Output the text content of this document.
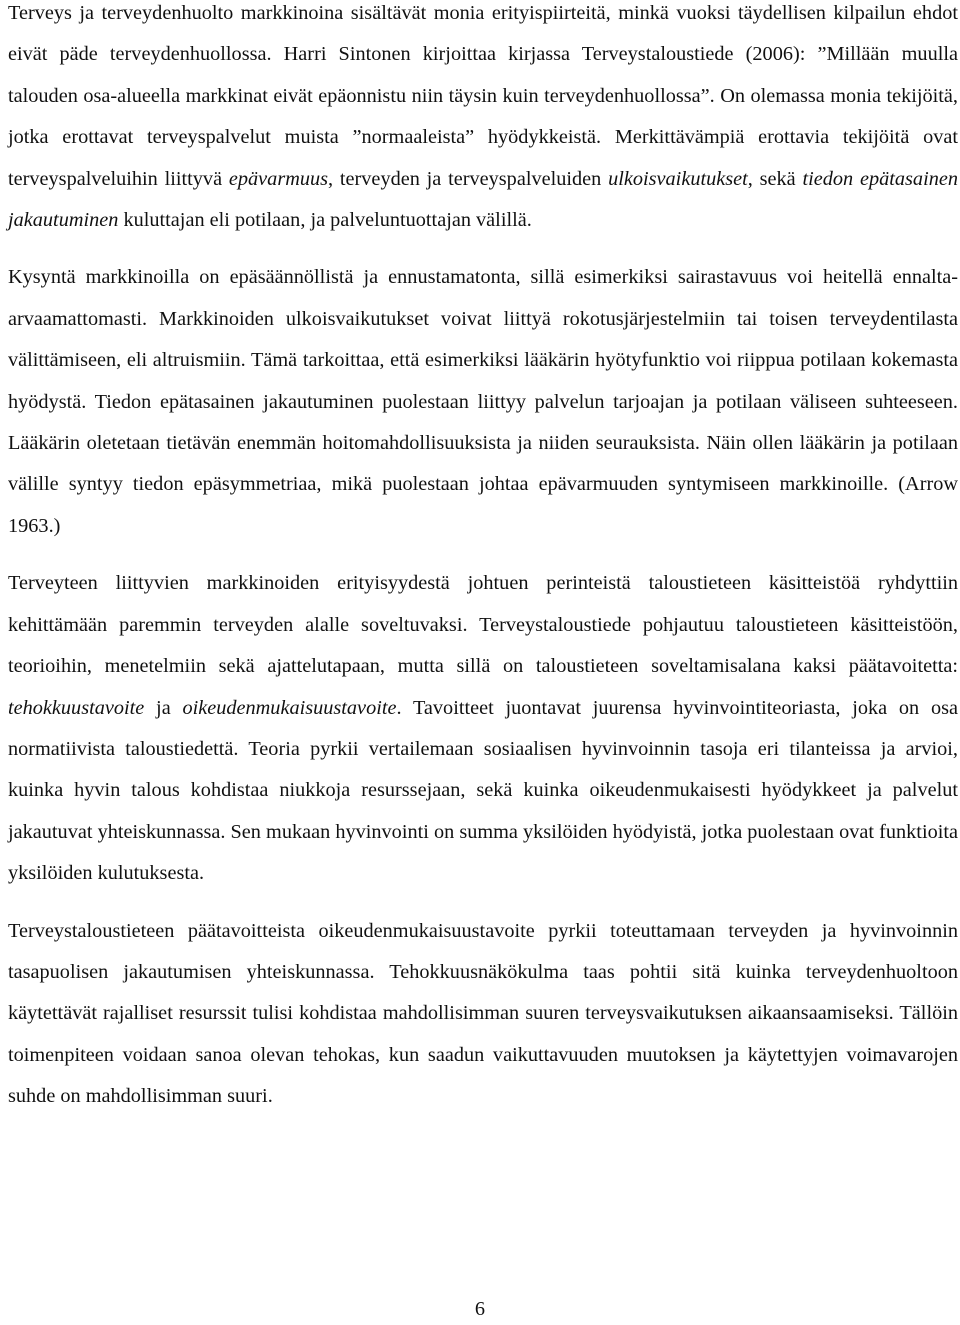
Terveys ja terveydenhuolto markkinoina sisältävät monia erityispiirteitä, minkä vuoksi täydellisen kilpailun ehdot eivät päde terveydenhuollossa. Harri Sintonen kirjoittaa kirjassa Terveystaloustiede (2006): ”Millään muulla talouden osa-alueella markkinat eivät epäonnistu niin täysin kuin terveydenhuollossa”. On olemassa monia tekijöitä, jotka erottavat terveyspalvelut muista ”normaaleista” hyödykkeistä. Merkittävämpiä erottavia tekijöitä ovat terveyspalveluihin liittyvä epävarmuus, terveyden ja terveyspalveluiden ulkoisvaikutukset, sekä tiedon epätasainen jakautuminen kuluttajan eli potilaan, ja palveluntuottajan välillä.

Kysyntä markkinoilla on epäsäännöllistä ja ennustamatonta, sillä esimerkiksi sairastavuus voi heitellä ennalta-arvaamattomasti. Markkinoiden ulkoisvaikutukset voivat liittyä rokotusjärjestelmiin tai toisen terveydentilasta välittämiseen, eli altruismiin. Tämä tarkoittaa, että esimerkiksi lääkärin hyötyfunktio voi riippua potilaan kokemasta hyödystä. Tiedon epätasainen jakautuminen puolestaan liittyy palvelun tarjoajan ja potilaan väliseen suhteeseen. Lääkärin oletetaan tietävän enemmän hoitomahdollisuuksista ja niiden seurauksista. Näin ollen lääkärin ja potilaan välille syntyy tiedon epäsymmetriaa, mikä puolestaan johtaa epävarmuuden syntymiseen markkinoille. (Arrow 1963.)

Terveyteen liittyvien markkinoiden erityisyydestä johtuen perinteistä taloustieteen käsitteistöä ryhdyttiin kehittämään paremmin terveyden alalle soveltuvaksi. Terveystaloustiede pohjautuu taloustieteen käsitteistöön, teorioihin, menetelmiin sekä ajattelutapaan, mutta sillä on taloustieteen soveltamisalana kaksi päätavoitetta: tehokkuustavoite ja oikeudenmukaisuustavoite. Tavoitteet juontavat juurensa hyvinvointiteoriasta, joka on osa normatiivista taloustiedettä. Teoria pyrkii vertailemaan sosiaalisen hyvinvoinnin tasoja eri tilanteissa ja arvioi, kuinka hyvin talous kohdistaa niukkoja resurssejaan, sekä kuinka oikeudenmukaisesti hyödykkeet ja palvelut jakautuvat yhteiskunnassa. Sen mukaan hyvinvointi on summa yksilöiden hyödyistä, jotka puolestaan ovat funktioita yksilöiden kulutuksesta.

Terveystaloustieteen päätavoitteista oikeudenmukaisuustavoite pyrkii toteuttamaan terveyden ja hyvinvoinnin tasapuolisen jakautumisen yhteiskunnassa. Tehokkuusnäkökulma taas pohtii sitä kuinka terveydenhuoltoon käytettävät rajalliset resurssit tulisi kohdistaa mahdollisimman suuren terveysvaikutuksen aikaansaamiseksi. Tällöin toimenpiteen voidaan sanoa olevan tehokas, kun saadun vaikuttavuuden muutoksen ja käytettyjen voimavarojen suhde on mahdollisimman suuri.

6
